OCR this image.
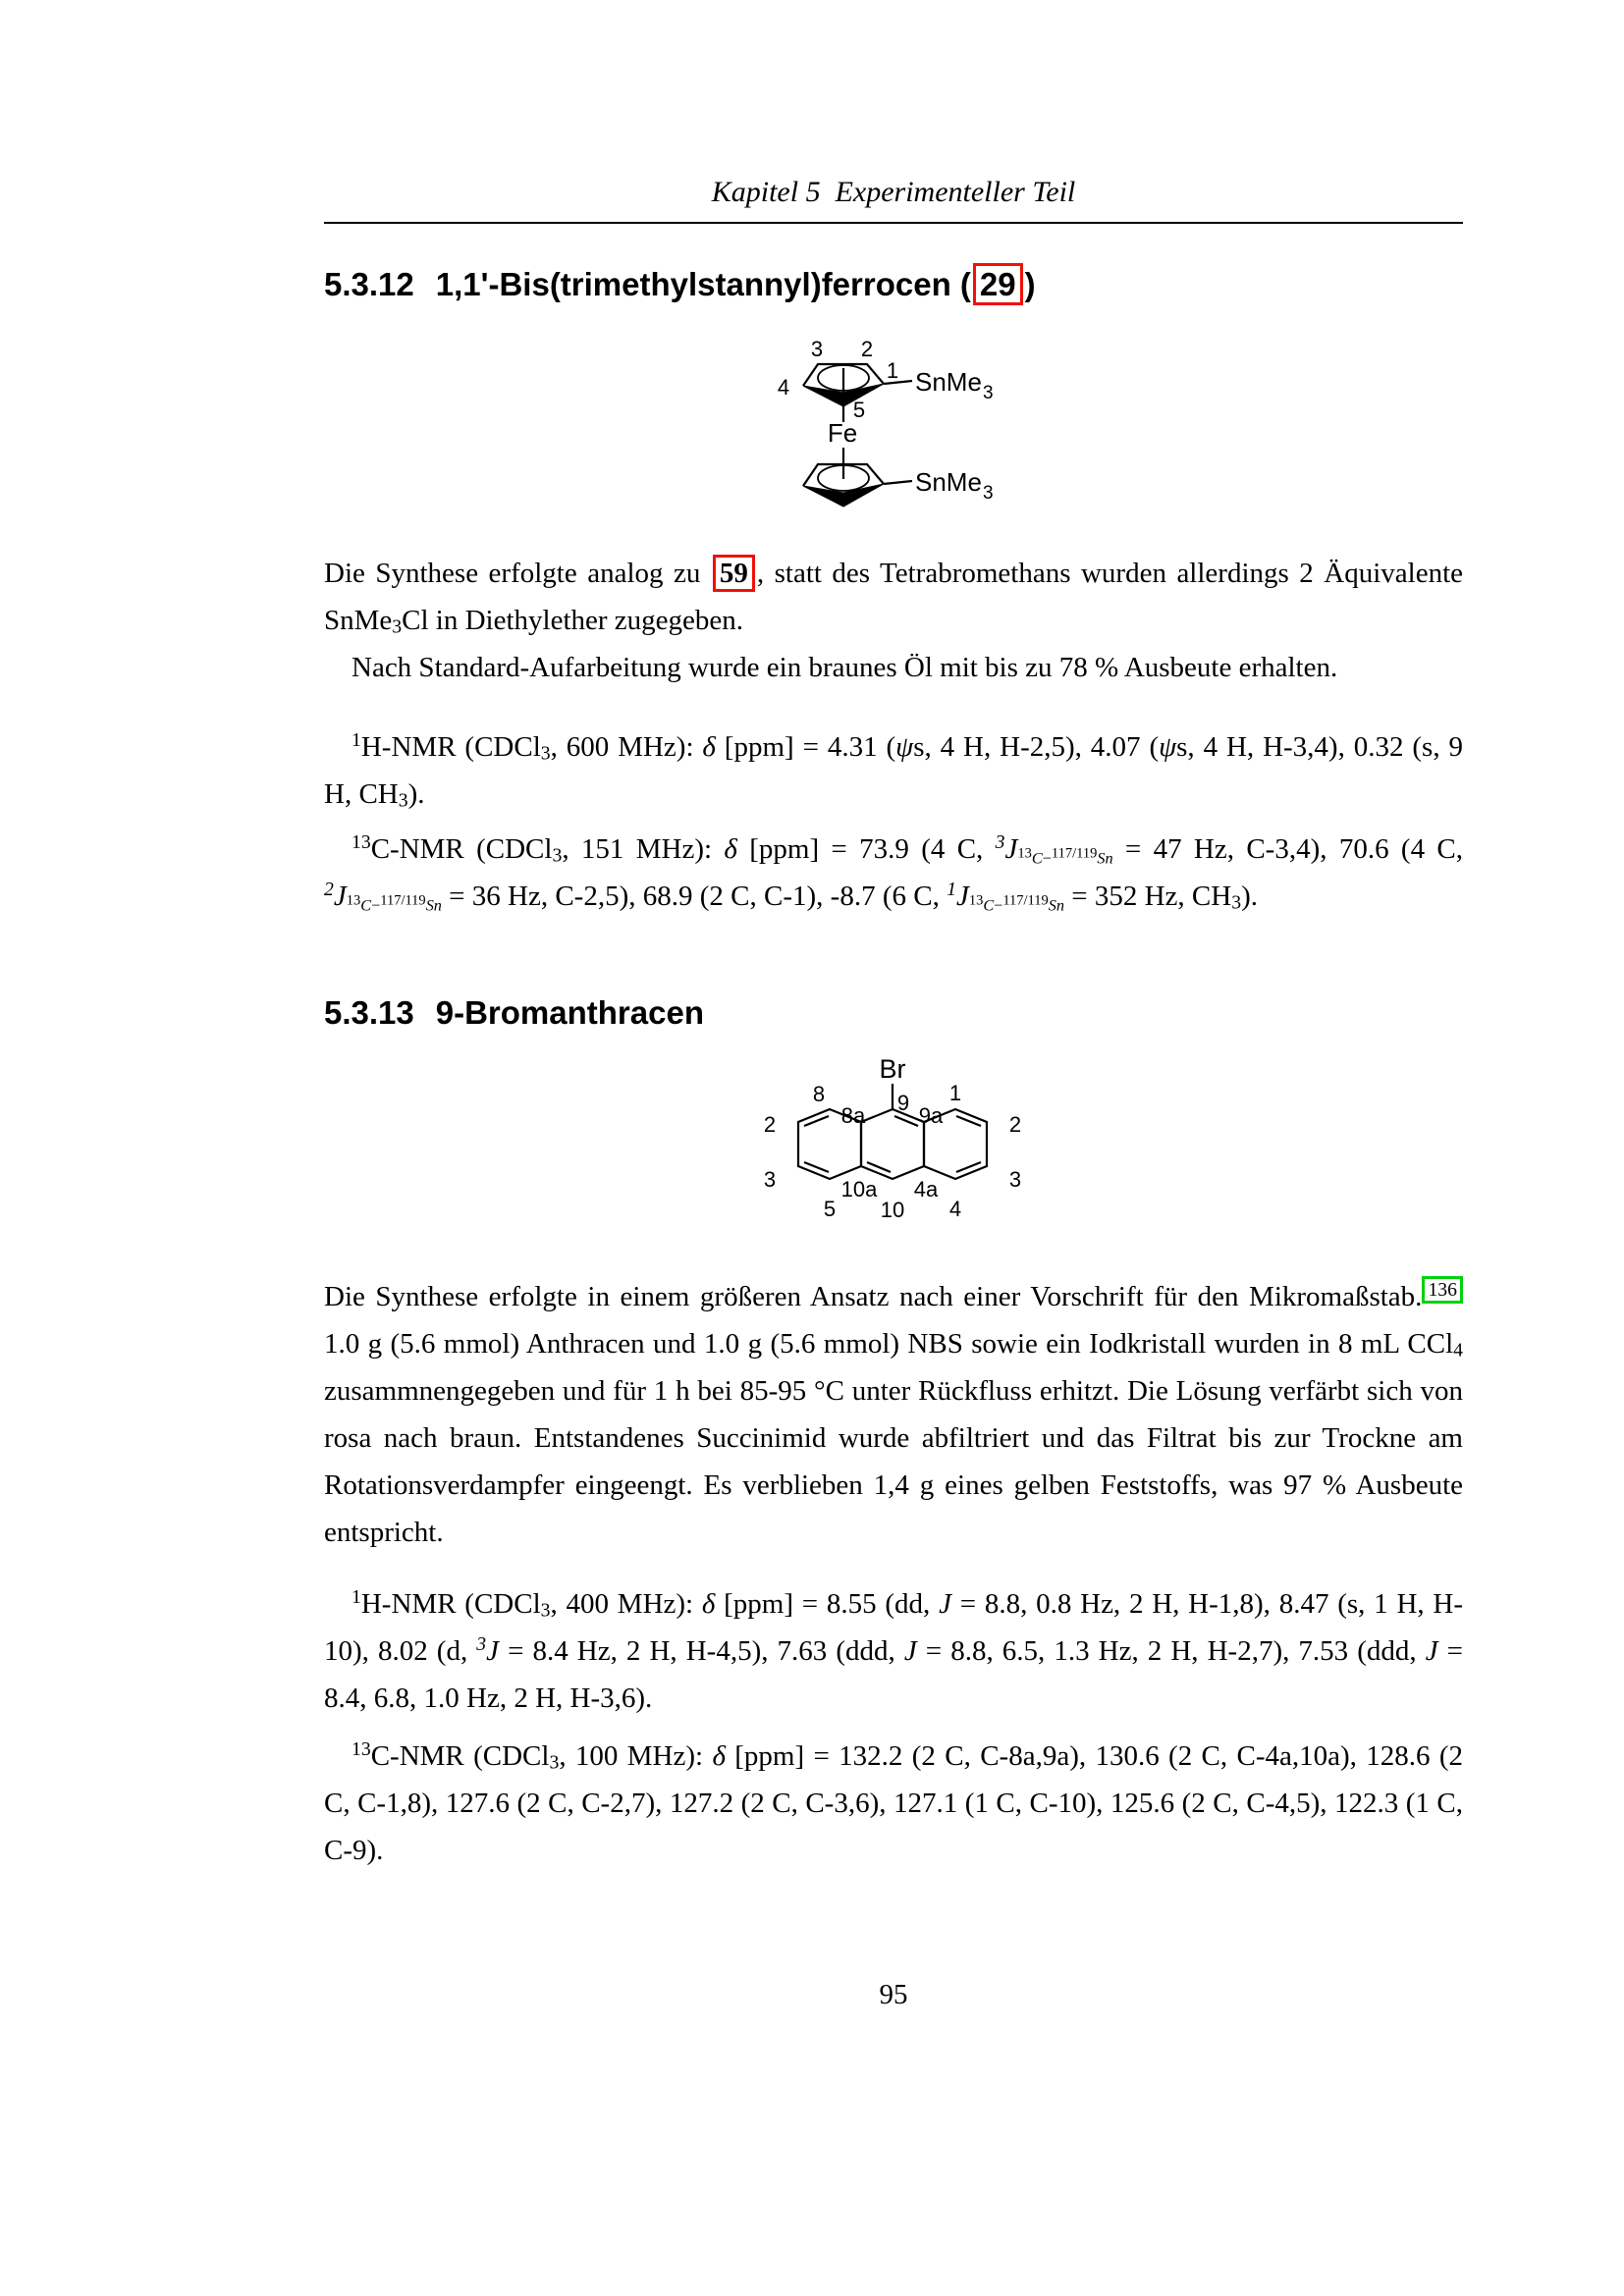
Kapitel 5 Experimenteller Teil
5.3.12 1,1'-Bis(trimethylstannyl)ferrocen ( 29 )
3 2
4
1
5
SnMe 3
Fe
SnMe 3
Die Synthese erfolgte analog zu 59 , statt des Tetrabromethans wurden allerdings 2 Äquivalente SnMe3Cl in Diethylether zugegeben.
Nach Standard-Aufarbeitung wurde ein braunes Öl mit bis zu 78 % Ausbeute erhalten.
$^1$H-NMR (CDCl3, 600 MHz): δ [ppm] = 4.31 (ψs, 4 H, H-2,5), 4.07 (ψs, 4 H, H-3,4), 0.32 (s, 9 H, CH3).
$^{13}$C-NMR (CDCl3, 151 MHz): δ [ppm] = 73.9 (4 C, $^3$J13C−117/119Sn = 47 Hz, C-3,4), 70.6 (4 C, $^2$J13C−117/119Sn = 36 Hz, C-2,5), 68.9 (2 C, C-1), -8.7 (6 C, $^1$J13C−117/119Sn = 352 Hz, CH3).
5.3.13 9-Bromanthracen
Br
8	9 1
2	8a 9a	2
3	3
10a 4a
5 10 4
Die Synthese erfolgte in einem größeren Ansatz nach einer Vorschrift für den Mikromaßstab. $^{136}$ 1.0 g (5.6 mmol) Anthracen und 1.0 g (5.6 mmol) NBS sowie ein Iodkristall wurden in 8 mL CCl4 zusammnengegeben und für 1 h bei 85-95 °C unter Rückfluss erhitzt. Die Lösung verfärbt sich von rosa nach braun. Entstandenes Succinimid wurde abfiltriert und das Filtrat bis zur Trockne am Rotationsverdampfer eingeengt. Es verblieben 1,4 g eines gelben Feststoffs, was 97 % Ausbeute entspricht.
$^1$H-NMR (CDCl3, 400 MHz): δ [ppm] = 8.55 (dd, J = 8.8, 0.8 Hz, 2 H, H-1,8), 8.47 (s, 1 H, H-10), 8.02 (d, $^3$J = 8.4 Hz, 2 H, H-4,5), 7.63 (ddd, J = 8.8, 6.5, 1.3 Hz, 2 H, H-2,7), 7.53 (ddd, J = 8.4, 6.8, 1.0 Hz, 2 H, H-3,6).
$^{13}$C-NMR (CDCl3, 100 MHz): δ [ppm] = 132.2 (2 C, C-8a,9a), 130.6 (2 C, C-4a,10a), 128.6 (2 C, C-1,8), 127.6 (2 C, C-2,7), 127.2 (2 C, C-3,6), 127.1 (1 C, C-10), 125.6 (2 C, C-4,5), 122.3 (1 C, C-9).
95
